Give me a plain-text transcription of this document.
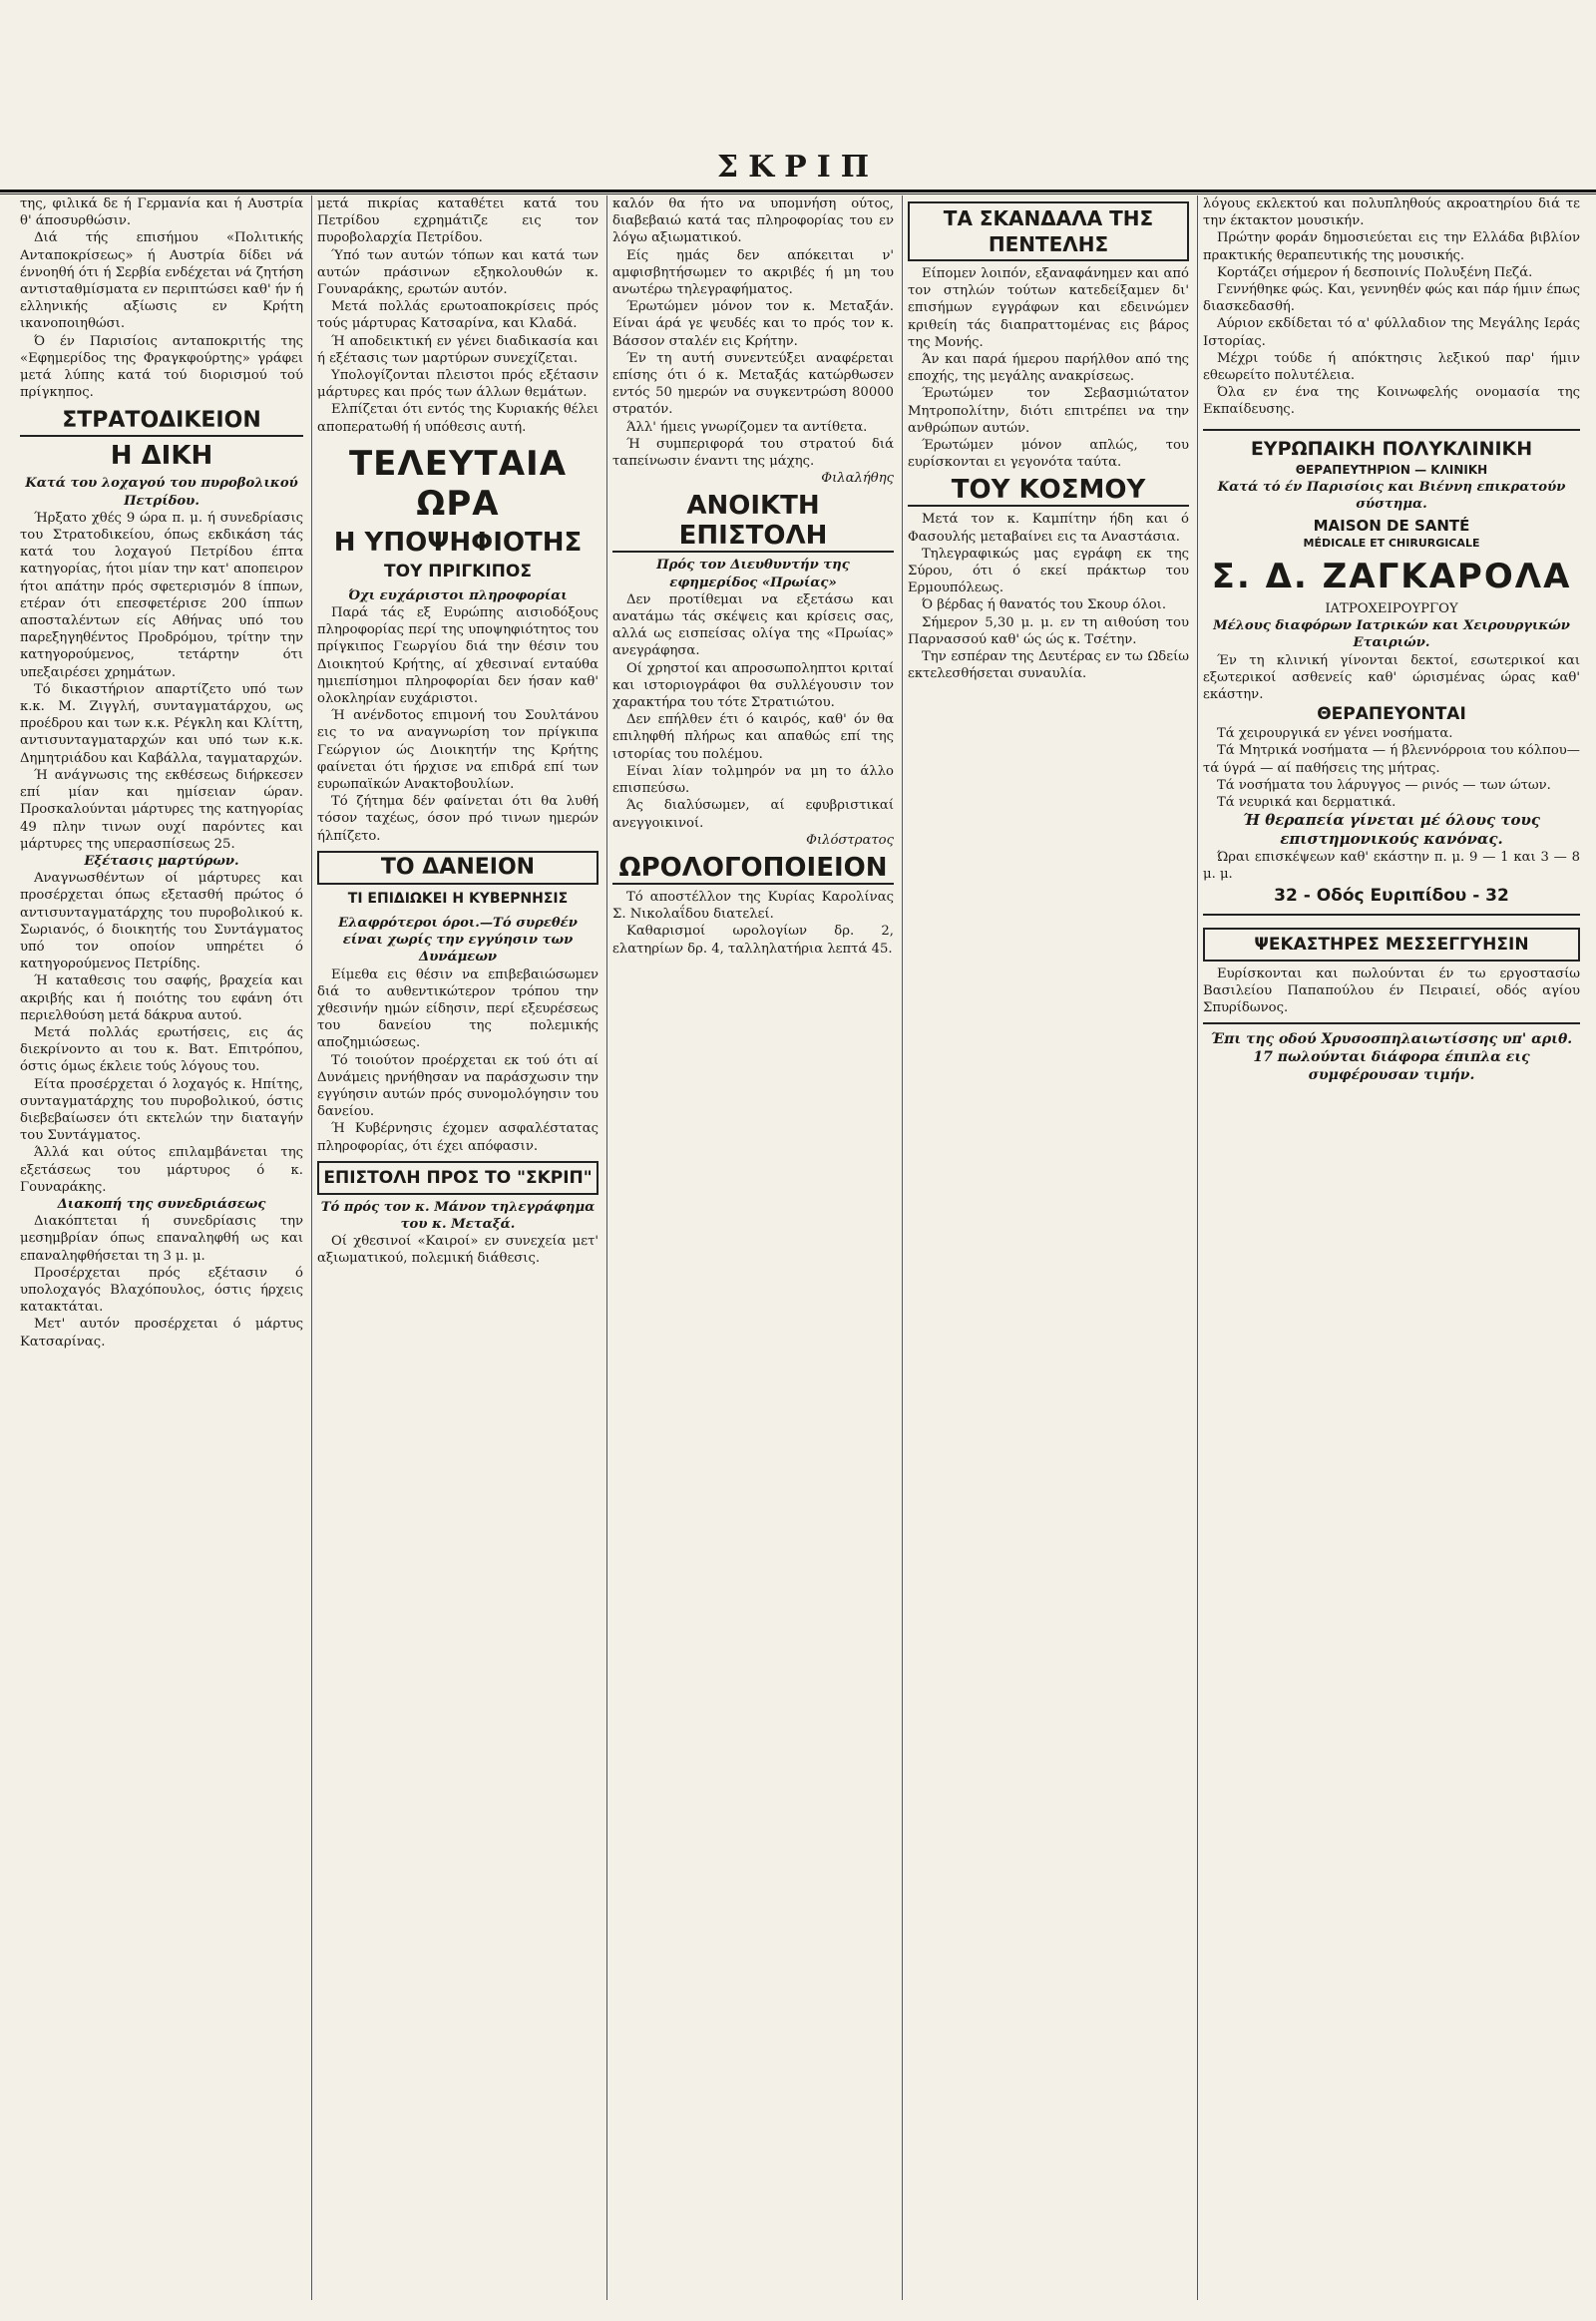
ΣΚΡΙΠ

της, φιλικά δε ή Γερμανία και ή Αυστρία θ' άποσυρθώσιν.

Διά τής επισήμου «Πολιτικής Ανταποκρίσεως» ή Αυστρία δίδει νά έννοηθή ότι ή Σερβία ενδέχεται νά ζητήση αντισταθμίσματα εν περιπτώσει καθ' ήν ή ελληνικής αξίωσις εν Κρήτη ικανοποιηθώσι.

Ό έν Παρισίοις ανταποκριτής της «Εφημερίδος της Φραγκφούρτης» γράφει μετά λύπης κατά τού διορισμού τού πρίγκηπος.

ΣΤΡΑΤΟΔΙΚΕΙΟΝ
Η ΔΙΚΗ
Κατά του λοχαγού του πυροβολικού Πετρίδου.

Ήρξατο χθές 9 ώρα π. μ. ή συνεδρίασις του Στρατοδικείου, όπως εκδικάση τάς κατά του λοχαγού Πετρίδου έπτα κατηγορίας, ήτοι μίαν την κατ' αποπειρον ήτοι απάτην πρός σφετερισμόν 8 ίππων, ετέραν ότι επεσφετέρισε 200 ίππων αποσταλέντων είς Αθήνας υπό του παρεξηγηθέντος Προδρόμου, τρίτην την κατηγορούμενος, τετάρτην ότι υπεξαιρέσει χρημάτων.

Τό δικαστήριον απαρτίζετο υπό των κ.κ. Μ. Ζιγγλή, συνταγματάρχου, ως προέδρου και των κ.κ. Ρέγκλη και Κλίττη, αντισυνταγματαρχών και υπό των κ.κ. Δημητριάδου και Καβάλλα, ταγματαρχών.

Ή ανάγνωσις της εκθέσεως διήρκεσεν επί μίαν και ημίσειαν ώραν. Προσκαλούνται μάρτυρες της κατηγορίας 49 πλην τινων ουχί παρόντες και μάρτυρες της υπερασπίσεως 25.

Εξέτασις μαρτύρων.

Αναγνωσθέντων οί μάρτυρες και προσέρχεται όπως εξετασθή πρώτος ό αντισυνταγματάρχης του πυροβολικού κ. Σωριανός, ό διοικητής του Συντάγματος υπό τον οποίον υπηρέτει ό κατηγορούμενος Πετρίδης.

Ή καταθεσις του σαφής, βραχεία και ακριβής και ή ποιότης του εφάνη ότι περιελθούση μετά δάκρυα αυτού.

Μετά πολλάς ερωτήσεις, εις άς διεκρίνοντο αι του κ. Βατ. Επιτρόπου, όστις όμως έκλειε τούς λόγους του.

Είτα προσέρχεται ό λοχαγός κ. Ηπίτης, συνταγματάρχης του πυροβολικού, όστις διεβεβαίωσεν ότι εκτελών την διαταγήν του Συντάγματος.

Άλλά και ούτος επιλαμβάνεται της εξετάσεως του μάρτυρος ό κ. Γουναράκης.

Διακοπή της συνεδριάσεως

Διακόπτεται ή συνεδρίασις την μεσημβρίαν όπως επαναληφθή ως και επαναληφθήσεται τη 3 μ. μ.

Προσέρχεται πρός εξέτασιν ό υπολοχαγός Βλαχόπουλος, όστις ήρχεις κατακτάται.

Μετ' αυτόν προσέρχεται ό μάρτυς Κατσαρίνας.

μετά πικρίας καταθέτει κατά του Πετρίδου εχρημάτιζε εις τον πυροβολαρχία Πετρίδου.

Ύπό των αυτών τόπων και κατά των αυτών πράσινων εξηκολουθών κ. Γουναράκης, ερωτών αυτόν.

Μετά πολλάς ερωτοαποκρίσεις πρός τούς μάρτυρας Κατσαρίνα, και Κλαδά.

Ή αποδεικτική εν γένει διαδικασία και ή εξέτασις των μαρτύρων συνεχίζεται.

Υπολογίζονται πλειστοι πρός εξέτασιν μάρτυρες και πρός των άλλων θεμάτων.

Ελπίζεται ότι εντός της Κυριακής θέλει αποπερατωθή ή υπόθεσις αυτή.

ΤΕΛΕΥΤΑΙΑ ΩΡΑ
Η ΥΠΟΨΗΦΙΟΤΗΣ
ΤΟΥ ΠΡΙΓΚΙΠΟΣ
Όχι ευχάριστοι πληροφορίαι

Παρά τάς εξ Ευρώπης αισιοδόξους πληροφορίας περί της υποψηφιότητος του πρίγκιπος Γεωργίου διά την θέσιν του Διοικητού Κρήτης, αί χθεσιναί ενταύθα ημιεπίσημοι πληροφορίαι δεν ήσαν καθ' ολοκληρίαν ευχάριστοι.

Ή ανένδοτος επιμονή του Σουλτάνου εις το να αναγνωρίση τον πρίγκιπα Γεώργιον ώς Διοικητήν της Κρήτης φαίνεται ότι ήρχισε να επιδρά επί των ευρωπαϊκών Ανακτοβουλίων.

Τό ζήτημα δέν φαίνεται ότι θα λυθή τόσον ταχέως, όσον πρό τινων ημερών ήλπίζετο.

ΤΟ ΔΑΝΕΙΟΝ
ΤΙ ΕΠΙΔΙΩΚΕΙ Η ΚΥΒΕΡΝΗΣΙΣ
Ελαφρότεροι όροι.—Τό συρεθέν είναι χωρίς την εγγύησιν των Δυνάμεων

Είμεθα εις θέσιν να επιβεβαιώσωμεν διά το αυθεντικώτερον τρόπου την χθεσινήν ημών είδησιν, περί εξευρέσεως του δανείου της πολεμικής αποζημιώσεως.

Τό τοιούτον προέρχεται εκ τού ότι αί Δυνάμεις ηρνήθησαν να παράσχωσιν την εγγύησιν αυτών πρός συνομολόγησιν του δανείου.

Ή Κυβέρνησις έχομεν ασφαλέστατας πληροφορίας, ότι έχει απόφασιν.

ΕΠΙΣΤΟΛΗ ΠΡΟΣ ΤΟ "ΣΚΡΙΠ"
Τό πρός τον κ. Μάνον τηλεγράφημα του κ. Μεταξά.

Οί χθεσινοί «Καιροί» εν συνεχεία μετ' αξιωματικού, πολεμική διάθεσις.

καλόν θα ήτο να υπομνήση ούτος, διαβεβαιώ κατά τας πληροφορίας του εν λόγω αξιωματικού.

Είς ημάς δεν απόκειται ν' αμφισβητήσωμεν το ακριβές ή μη του ανωτέρω τηλεγραφήματος.

Έρωτώμεν μόνον τον κ. Μεταξάν. Είναι άρά γε ψευδές και το πρός τον κ. Βάσσον σταλέν εις Κρήτην.

Έν τη αυτή συνεντεύξει αναφέρεται επίσης ότι ό κ. Μεταξάς κατώρθωσεν εντός 50 ημερών να συγκεντρώση 80000 στρατόν.

Άλλ' ήμεις γνωρίζομεν τα αντίθετα.

Ή συμπεριφορά του στρατού διά ταπείνωσιν έναντι της μάχης.

Φιλαλήθης
ΑΝΟΙΚΤΗ ΕΠΙΣΤΟΛΗ
Πρός τον Διευθυντήν της εφημερίδος «Πρωίας»

Δεν προτίθεμαι να εξετάσω και ανατάμω τάς σκέψεις και κρίσεις σας, αλλά ως εισπείσας ολίγα της «Πρωίας» ανεγράφησα.

Οί χρηστοί και απροσωποληπτοι κριταί και ιστοριογράφοι θα συλλέγουσιν τον χαρακτήρα του τότε Στρατιώτου.

Δεν επήλθεν έτι ό καιρός, καθ' όν θα επιληφθή πλήρως και απαθώς επί της ιστορίας του πολέμου.

Είναι λίαν τολμηρόν να μη το άλλο επισπεύσω.

Άς διαλύσωμεν, αί εφυβριστικαί ανεγγοικινοί.

Φιλόστρατος
ΩΡΟΛΟΓΟΠΟΙΕΙΟΝ

Τό αποστέλλον της Κυρίας Καρολίνας Σ. Νικολαΐδου διατελεί.

Καθαρισμοί ωρολογίων δρ. 2, ελατηρίων δρ. 4, ταλληλατήρια λεπτά 45.

ΤΑ ΣΚΑΝΔΑΛΑ ΤΗΣ ΠΕΝΤΕΛΗΣ

Είπομεν λοιπόν, εξαναφάνημεν και από τον στηλών τούτων κατεδείξαμεν δι' επισήμων εγγράφων και εδεινώμεν κριθείη τάς διαπραττομένας εις βάρος της Μονής.

Άν και παρά ήμερου παρήλθον από της εποχής, της μεγάλης ανακρίσεως.

Έρωτώμεν τον Σεβασμιώτατον Μητροπολίτην, διότι επιτρέπει να την ανθρώπων αυτών.

Έρωτώμεν μόνον απλώς, του ευρίσκονται ει γεγονότα ταύτα.

ΤΟΥ ΚΟΣΜΟΥ

Μετά τον κ. Καμπίτην ήδη και ό Φασουλής μεταβαίνει εις τα Αναστάσια.

Τηλεγραφικώς μας εγράφη εκ της Σύρου, ότι ό εκεί πράκτωρ του Ερμουπόλεως.

Ό βέρδας ή θανατός του Σκουρ όλοι.

Σήμερον 5,30 μ. μ. εν τη αιθούση του Παρνασσού καθ' ώς ώς κ. Τσέτην.

Την εσπέραν της Δευτέρας εν τω Ωδείω εκτελεσθήσεται συναυλία.

λόγους εκλεκτού και πολυπληθούς ακροατηρίου διά τε την έκτακτον μουσικήν.

Πρώτην φοράν δημοσιεύεται εις την Ελλάδα βιβλίον πρακτικής θεραπευτικής της μουσικής.

Κορτάζει σήμερον ή δεσποινίς Πολυξένη Πεζά.

Γεννήθηκε φώς. Και, γεννηθέν φώς και πάρ ήμιν έπως διασκεδασθή.

Αύριον εκδίδεται τό α' φύλλαδιον της Μεγάλης Ιεράς Ιστορίας.

Μέχρι τούδε ή απόκτησις λεξικού παρ' ήμιν εθεωρείτο πολυτέλεια.

Όλα εν ένα της Κοινωφελής ονομασία της Εκπαίδευσης.

ΕΥΡΩΠΑΙΚΗ ΠΟΛΥΚΛΙΝΙΚΗ
ΘΕΡΑΠΕΥΤΗΡΙΟΝ — ΚΛΙΝΙΚΗ
Κατά τό έν Παρισίοις και Βιέννη επικρατούν σύστημα.
MAISON DE SANTÉ
MÉDICALE ET CHIRURGICALE
Σ. Δ. ΖΑΓΚΑΡΟΛΑ
ΙΑΤΡΟΧΕΙΡΟΥΡΓΟΥ
Μέλους διαφόρων Ιατρικών και Χειρουργικών Εταιριών.

Έν τη κλινική γίνονται δεκτοί, εσωτερικοί και εξωτερικοί ασθενείς καθ' ώρισμένας ώρας καθ' εκάστην.

ΘΕΡΑΠΕΥΟΝΤΑΙ

Τά χειρουργικά εν γένει νοσήματα.

Τά Μητρικά νοσήματα — ή βλεννόρροια του κόλπου—τά ύγρά — αί παθήσεις της μήτρας.

Τά νοσήματα του λάρυγγος — ρινός — των ώτων.

Τά νευρικά και δερματικά.

Ή θεραπεία γίνεται μέ όλους τους επιστημονικούς κανόνας.

Ώραι επισκέψεων καθ' εκάστην π. μ. 9 — 1 και 3 — 8 μ. μ.

32 - Οδός Ευριπίδου - 32
ΨΕΚΑΣΤΗΡΕΣ ΜΕΣΣΕΓΓΥΗΣΙΝ

Ευρίσκονται και πωλούνται έν τω εργοστασίω Βασιλείου Παπαπούλου έν Πειραιεί, οδός αγίου Σπυρίδωνος.

Έπι της οδού Χρυσοσπηλαιωτίσσης υπ' αριθ. 17 πωλούνται διάφορα έπιπλα εις συμφέρουσαν τιμήν.
